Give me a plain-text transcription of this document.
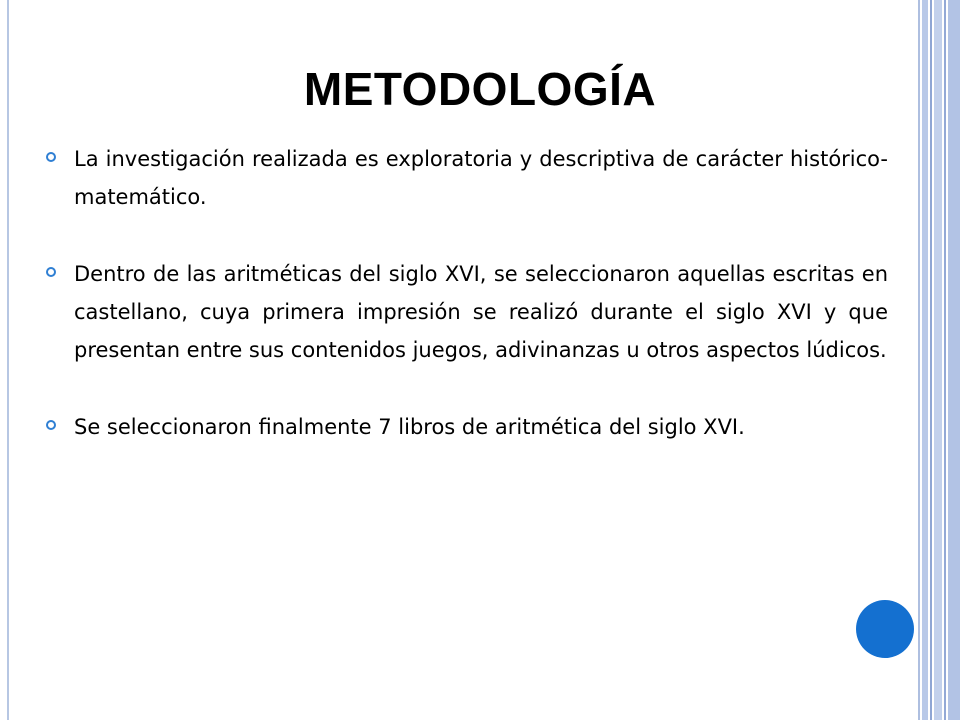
METODOLOGÍA
La investigación realizada es exploratoria y descriptiva de carácter histórico-matemático.
Dentro de las aritméticas del siglo XVI, se seleccionaron aquellas escritas en castellano, cuya primera impresión se realizó durante el siglo XVI y que presentan entre sus contenidos juegos, adivinanzas u otros aspectos lúdicos.
Se seleccionaron finalmente 7 libros de aritmética del siglo XVI.
